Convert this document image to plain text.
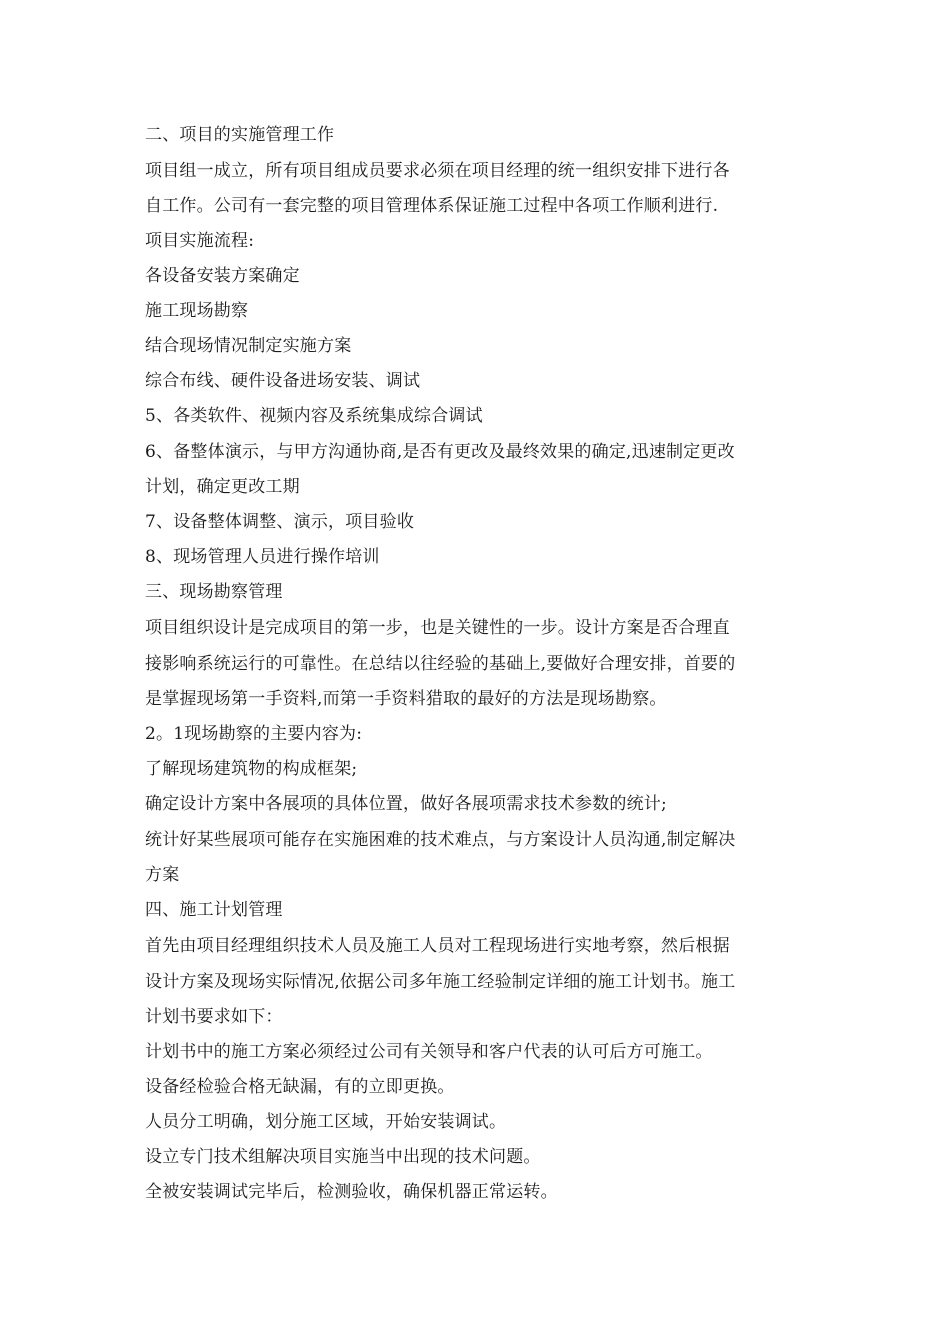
二、项目的实施管理工作
项目组一成立，所有项目组成员要求必须在项目经理的统一组织安排下进行各
自工作。公司有一套完整的项目管理体系保证施工过程中各项工作顺利进行.
项目实施流程:
各设备安装方案确定
施工现场勘察
结合现场情况制定实施方案
综合布线、硬件设备进场安装、调试
5、各类软件、视频内容及系统集成综合调试
6、备整体演示，与甲方沟通协商,是否有更改及最终效果的确定,迅速制定更改
计划，确定更改工期
7、设备整体调整、演示，项目验收
8、现场管理人员进行操作培训
三、现场勘察管理
项目组织设计是完成项目的第一步，也是关键性的一步。设计方案是否合理直
接影响系统运行的可靠性。在总结以往经验的基础上,要做好合理安排，首要的
是掌握现场第一手资料,而第一手资料猎取的最好的方法是现场勘察。
2。1现场勘察的主要内容为:
了解现场建筑物的构成框架;
确定设计方案中各展项的具体位置，做好各展项需求技术参数的统计;
统计好某些展项可能存在实施困难的技术难点，与方案设计人员沟通,制定解决
方案
四、施工计划管理
首先由项目经理组织技术人员及施工人员对工程现场进行实地考察，然后根据
设计方案及现场实际情况,依据公司多年施工经验制定详细的施工计划书。施工
计划书要求如下：
计划书中的施工方案必须经过公司有关领导和客户代表的认可后方可施工。
设备经检验合格无缺漏，有的立即更换。
人员分工明确，划分施工区域，开始安装调试。
设立专门技术组解决项目实施当中出现的技术问题。
全被安装调试完毕后，检测验收，确保机器正常运转。
